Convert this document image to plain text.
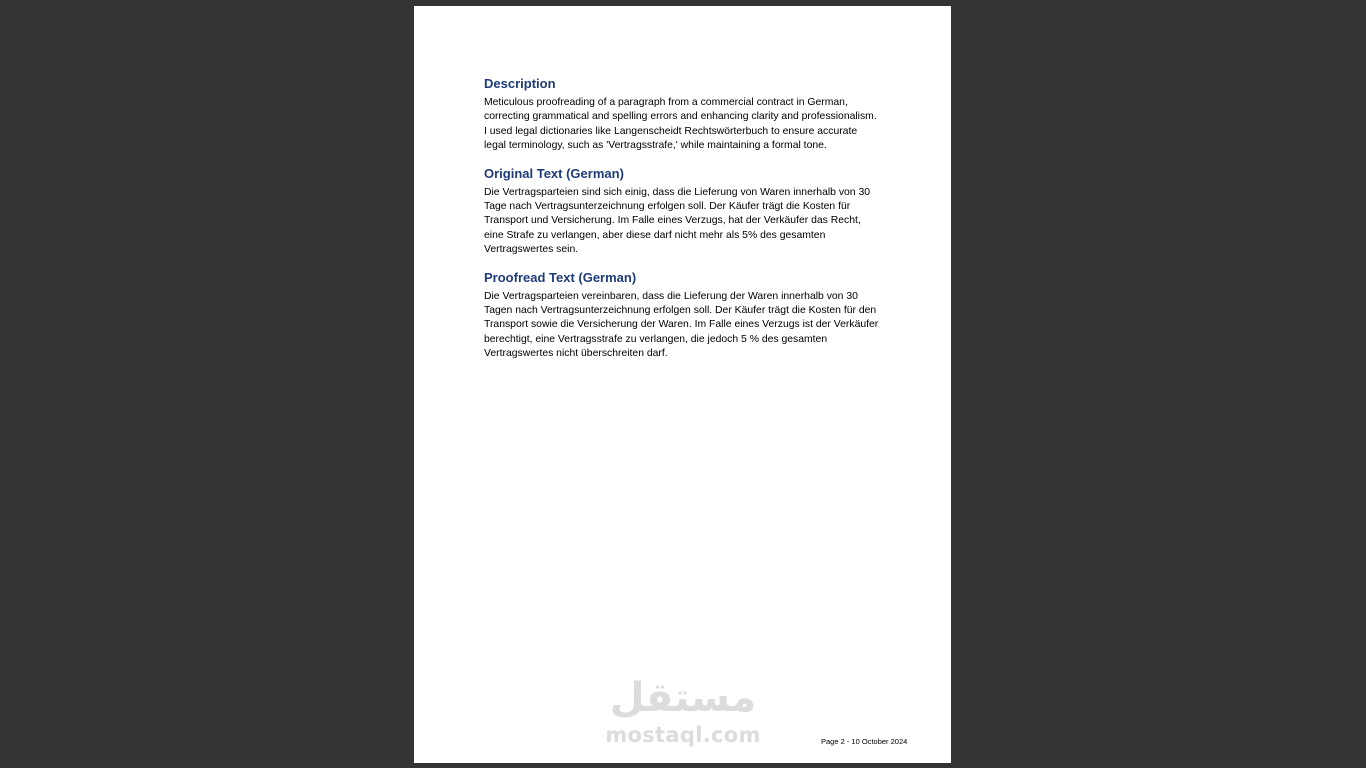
Description

Meticulous proofreading of a paragraph from a commercial contract in German, correcting grammatical and spelling errors and enhancing clarity and professionalism. I used legal dictionaries like Langenscheidt Rechtswörterbuch to ensure accurate legal terminology, such as 'Vertragsstrafe,' while maintaining a formal tone.

Original Text (German)

Die Vertragsparteien sind sich einig, dass die Lieferung von Waren innerhalb von 30 Tage nach Vertragsunterzeichnung erfolgen soll. Der Käufer trägt die Kosten für Transport und Versicherung. Im Falle eines Verzugs, hat der Verkäufer das Recht, eine Strafe zu verlangen, aber diese darf nicht mehr als 5% des gesamten Vertragswertes sein.

Proofread Text (German)

Die Vertragsparteien vereinbaren, dass die Lieferung der Waren innerhalb von 30 Tagen nach Vertragsunterzeichnung erfolgen soll. Der Käufer trägt die Kosten für den Transport sowie die Versicherung der Waren. Im Falle eines Verzugs ist der Verkäufer berechtigt, eine Vertragsstrafe zu verlangen, die jedoch 5 % des gesamten Vertragswertes nicht überschreiten darf.

مستقل
mostaql.com	Page 2 - 10 October 2024
